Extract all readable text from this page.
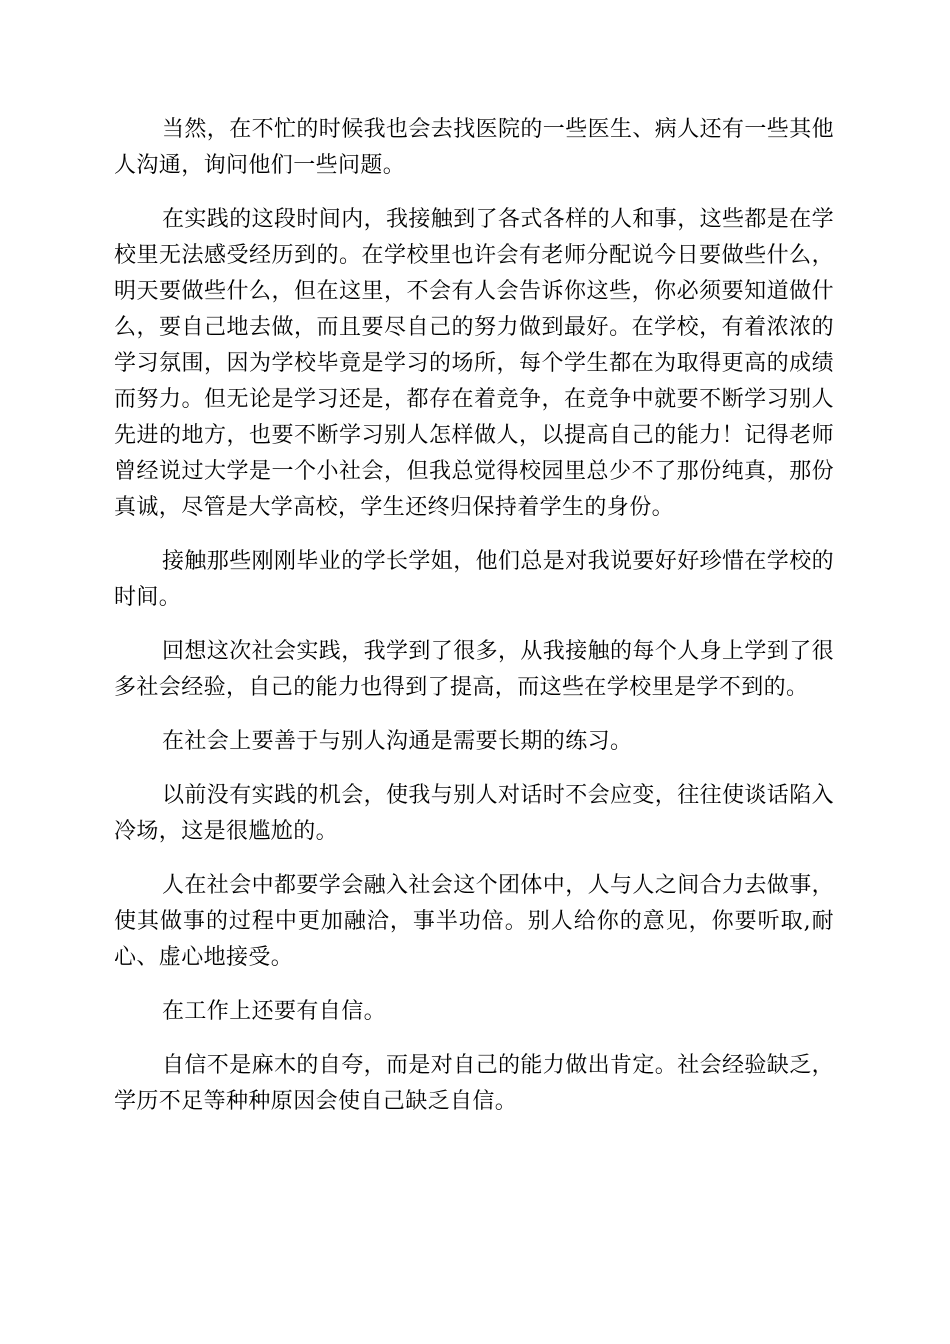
当然，在不忙的时候我也会去找医院的一些医生、病人还有一些其他人沟通，询问他们一些问题。

在实践的这段时间内，我接触到了各式各样的人和事，这些都是在学校里无法感受经历到的。在学校里也许会有老师分配说今日要做些什么，明天要做些什么，但在这里，不会有人会告诉你这些，你必须要知道做什么，要自己地去做，而且要尽自己的努力做到最好。在学校，有着浓浓的学习氛围，因为学校毕竟是学习的场所，每个学生都在为取得更高的成绩而努力。但无论是学习还是，都存在着竞争，在竞争中就要不断学习别人先进的地方，也要不断学习别人怎样做人，以提高自己的能力！记得老师曾经说过大学是一个小社会，但我总觉得校园里总少不了那份纯真，那份真诚，尽管是大学高校，学生还终归保持着学生的身份。

接触那些刚刚毕业的学长学姐，他们总是对我说要好好珍惜在学校的时间。

回想这次社会实践，我学到了很多，从我接触的每个人身上学到了很多社会经验，自己的能力也得到了提高，而这些在学校里是学不到的。

在社会上要善于与别人沟通是需要长期的练习。

以前没有实践的机会，使我与别人对话时不会应变，往往使谈话陷入冷场，这是很尴尬的。

人在社会中都要学会融入社会这个团体中，人与人之间合力去做事，使其做事的过程中更加融洽，事半功倍。别人给你的意见，你要听取,耐心、虚心地接受。

在工作上还要有自信。

自信不是麻木的自夸，而是对自己的能力做出肯定。社会经验缺乏，学历不足等种种原因会使自己缺乏自信。
